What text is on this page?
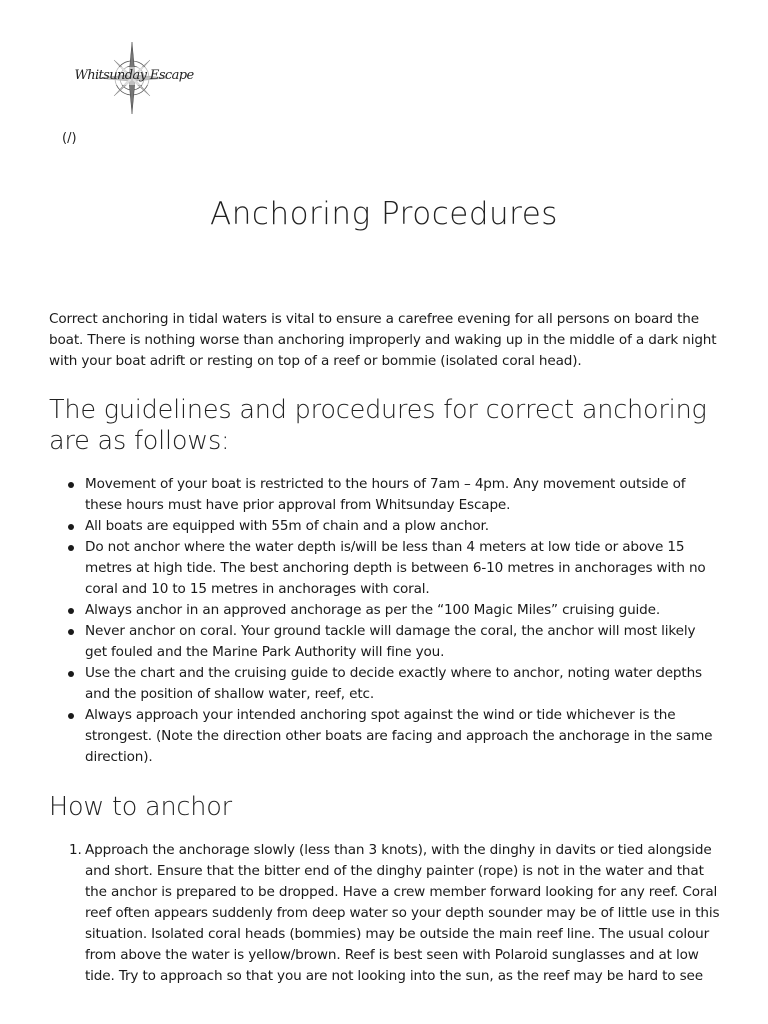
Whitsunday Escape
(/)
Anchoring Procedures

Correct anchoring in tidal waters is vital to ensure a carefree evening for all persons on board the boat. There is nothing worse than anchoring improperly and waking up in the middle of a dark night with your boat adrift or resting on top of a reef or bommie (isolated coral head).

The guidelines and procedures for correct anchoring are as follows:
Movement of your boat is restricted to the hours of 7am – 4pm. Any movement outside of these hours must have prior approval from Whitsunday Escape.
All boats are equipped with 55m of chain and a plow anchor.
Do not anchor where the water depth is/will be less than 4 meters at low tide or above 15 metres at high tide. The best anchoring depth is between 6-10 metres in anchorages with no coral and 10 to 15 metres in anchorages with coral.
Always anchor in an approved anchorage as per the “100 Magic Miles” cruising guide.
Never anchor on coral. Your ground tackle will damage the coral, the anchor will most likely get fouled and the Marine Park Authority will fine you.
Use the chart and the cruising guide to decide exactly where to anchor, noting water depths and the position of shallow water, reef, etc.
Always approach your intended anchoring spot against the wind or tide whichever is the strongest. (Note the direction other boats are facing and approach the anchorage in the same direction).
How to anchor
1. Approach the anchorage slowly (less than 3 knots), with the dinghy in davits or tied alongside and short. Ensure that the bitter end of the dinghy painter (rope) is not in the water and that the anchor is prepared to be dropped. Have a crew member forward looking for any reef. Coral reef often appears suddenly from deep water so your depth sounder may be of little use in this situation. Isolated coral heads (bommies) may be outside the main reef line. The usual colour from above the water is yellow/brown. Reef is best seen with Polaroid sunglasses and at low tide. Try to approach so that you are not looking into the sun, as the reef may be hard to see
